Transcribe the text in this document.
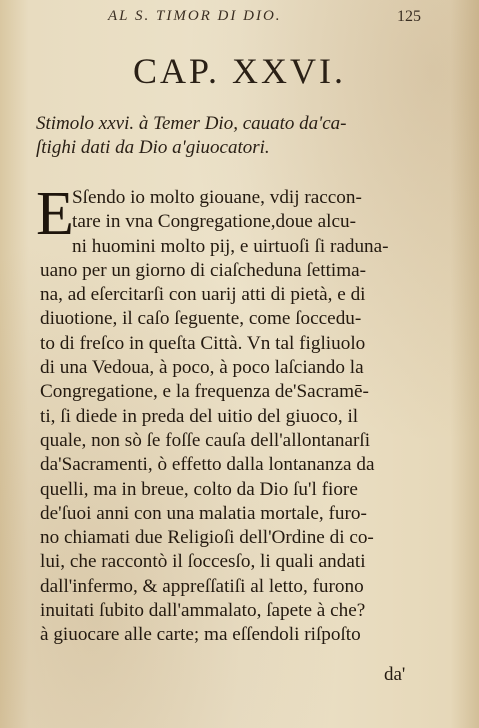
AL S. TIMOR DI DIO.	125
CAP. XXVI.
Stimolo xxvi. à Temer Dio, cauato da'ca-
ſtighi dati da Dio a'giuocatori.
E
Sſendo io molto giouane, vdij raccon-
tare in vna Congregatione,doue alcu-
ni huomini molto pij, e uirtuoſi ſi raduna-
uano per un giorno di ciaſcheduna ſettima-
na, ad eſercitarſi con uarij atti di pietà, e di
diuotione, il caſo ſeguente, come ſoccedu-
to di freſco in queſta Città. Vn tal figliuolo
di una Vedoua, à poco, à poco laſciando la
Congregatione, e la frequenza de'Sacramē-
ti, ſi diede in preda del uitio del giuoco, il
quale, non sò ſe foſſe cauſa dell'allontanarſi
da'Sacramenti, ò effetto dalla lontananza da
quelli, ma in breue, colto da Dio ſu'l fiore
de'ſuoi anni con una malatia mortale, furo-
no chiamati due Religioſi dell'Ordine di co-
lui, che raccontò il ſoccesſo, li quali andati
dall'infermo, & appreſſatiſi al letto, furono
inuitati ſubito dall'ammalato, ſapete à che?
à giuocare alle carte; ma eſſendoli riſpoſto
da'
